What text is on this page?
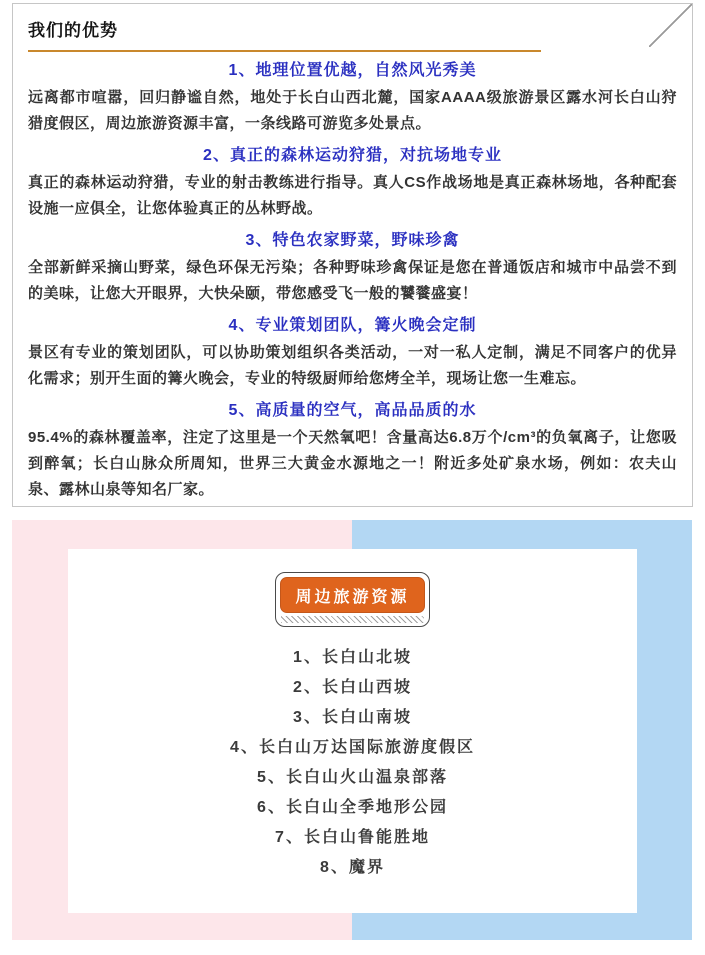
我们的优势
1、地理位置优越，自然风光秀美
远离都市喧嚣，回归静谧自然，地处于长白山西北麓，国家AAAA级旅游景区露水河长白山狩猎度假区，周边旅游资源丰富，一条线路可游览多处景点。
2、真正的森林运动狩猎，对抗场地专业
真正的森林运动狩猎，专业的射击教练进行指导。真人CS作战场地是真正森林场地，各种配套设施一应俱全，让您体验真正的丛林野战。
3、特色农家野菜，野味珍禽
全部新鲜采摘山野菜，绿色环保无污染；各种野味珍禽保证是您在普通饭店和城市中品尝不到的美味，让您大开眼界，大快朵颐，带您感受飞一般的饕餮盛宴！
4、专业策划团队，篝火晚会定制
景区有专业的策划团队，可以协助策划组织各类活动，一对一私人定制，满足不同客户的优异化需求；别开生面的篝火晚会，专业的特级厨师给您烤全羊，现场让您一生难忘。
5、高质量的空气，高品品质的水
95.4%的森林覆盖率，注定了这里是一个天然氧吧！含量高达6.8万个/cm³的负氧离子，让您吸到醉氧；长白山脉众所周知，世界三大黄金水源地之一！附近多处矿泉水场，例如：农夫山泉、露林山泉等知名厂家。
周边旅游资源
1、长白山北坡
2、长白山西坡
3、长白山南坡
4、长白山万达国际旅游度假区
5、长白山火山温泉部落
6、长白山全季地形公园
7、长白山鲁能胜地
8、魔界
